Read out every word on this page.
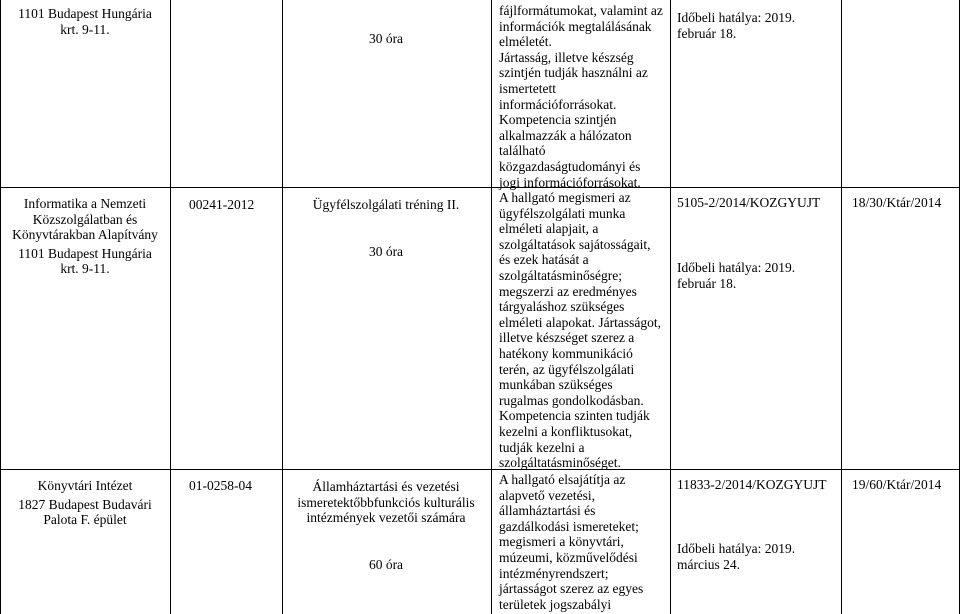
1101 Budapest Hungária
krt. 9-11.
30 óra
fájlformátumokat, valamint az
információk megtalálásának
elméletét.
Jártasság, illetve készség
szintjén tudják használni az
ismertetett
információforrásokat.
Kompetencia szintjén
alkalmazzák a hálózaton
található
közgazdaságtudományi és
jogi információforrásokat.
Időbeli hatálya: 2019.
február 18.
Informatika a Nemzeti
Közszolgálatban és
Könyvtárakban Alapítvány
1101 Budapest Hungária
krt. 9-11.
00241-2012	Ügyfélszolgálati tréning II.
30 óra
A hallgató megismeri az
ügyfélszolgálati munka
elméleti alapjait, a
szolgáltatások sajátosságait,
és ezek hatását a
szolgáltatásminőségre;
megszerzi az eredményes
tárgyaláshoz szükséges
elméleti alapokat. Jártasságot,
illetve készséget szerez a
hatékony kommunikáció
terén, az ügyfélszolgálati
munkában szükséges
rugalmas gondolkodásban.
Kompetencia szinten tudják
kezelni a konfliktusokat,
tudják kezelni a
szolgáltatásminőséget.
5105-2/2014/KOZGYUJT
Időbeli hatálya: 2019.
február 18.
18/30/Ktár/2014
Könyvtári Intézet
1827 Budapest Budavári
Palota F. épület
01-0258-04	Államháztartási és vezetési
ismeretektőbbfunkciós kulturális
intézmények vezetői számára
60 óra
A hallgató elsajátítja az
alapvető vezetési,
államháztartási és
gazdálkodási ismereteket;
megismeri a könyvtári,
múzeumi, közművelődési
intézményrendszert;
jártasságot szerez az egyes
területek jogszabályi
11833-2/2014/KOZGYUJT
Időbeli hatálya: 2019.
március 24.
19/60/Ktár/2014
